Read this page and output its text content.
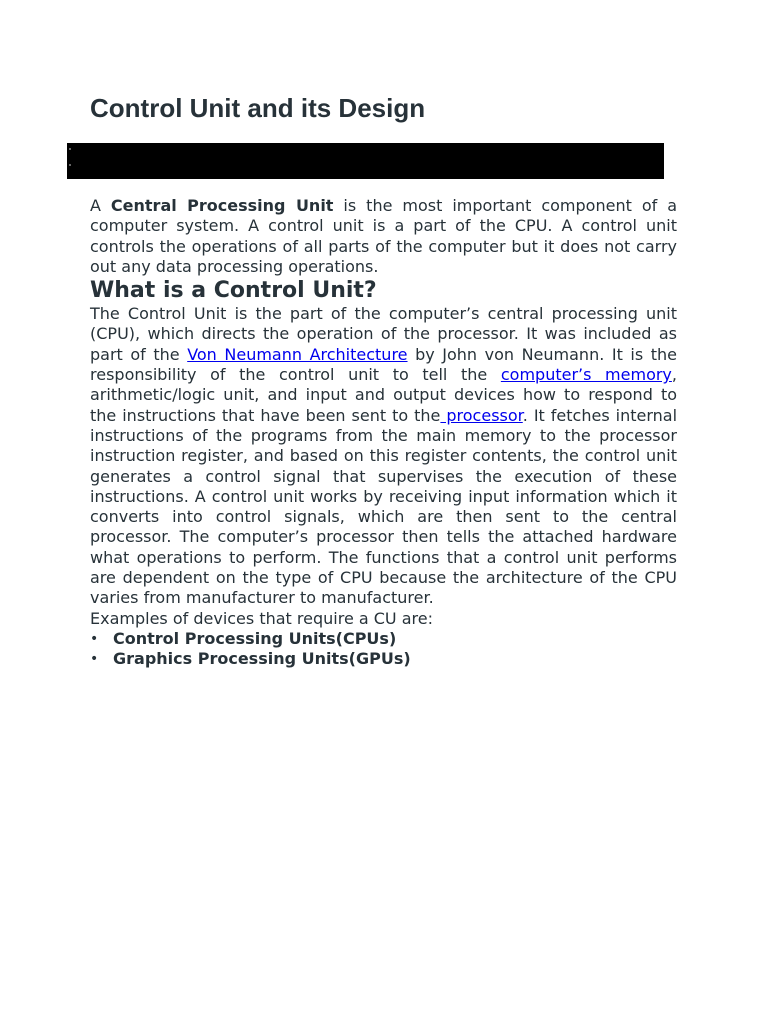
Control Unit and its Design

A Central Processing Unit is the most important component of a computer system. A control unit is a part of the CPU. A control unit controls the operations of all parts of the computer but it does not carry out any data processing operations.

What is a Control Unit?

The Control Unit is the part of the computer’s central processing unit (CPU), which directs the operation of the processor. It was included as part of the Von Neumann Architecture by John von Neumann. It is the responsibility of the control unit to tell the computer’s memory, arithmetic/logic unit, and input and output devices how to respond to the instructions that have been sent to the processor. It fetches internal instructions of the programs from the main memory to the processor instruction register, and based on this register contents, the control unit generates a control signal that supervises the execution of these instructions. A control unit works by receiving input information which it converts into control signals, which are then sent to the central processor. The computer’s processor then tells the attached hardware what operations to perform. The functions that a control unit performs are dependent on the type of CPU because the architecture of the CPU varies from manufacturer to manufacturer.

Examples of devices that require a CU are:

• Control Processing Units(CPUs)
• Graphics Processing Units(GPUs)
